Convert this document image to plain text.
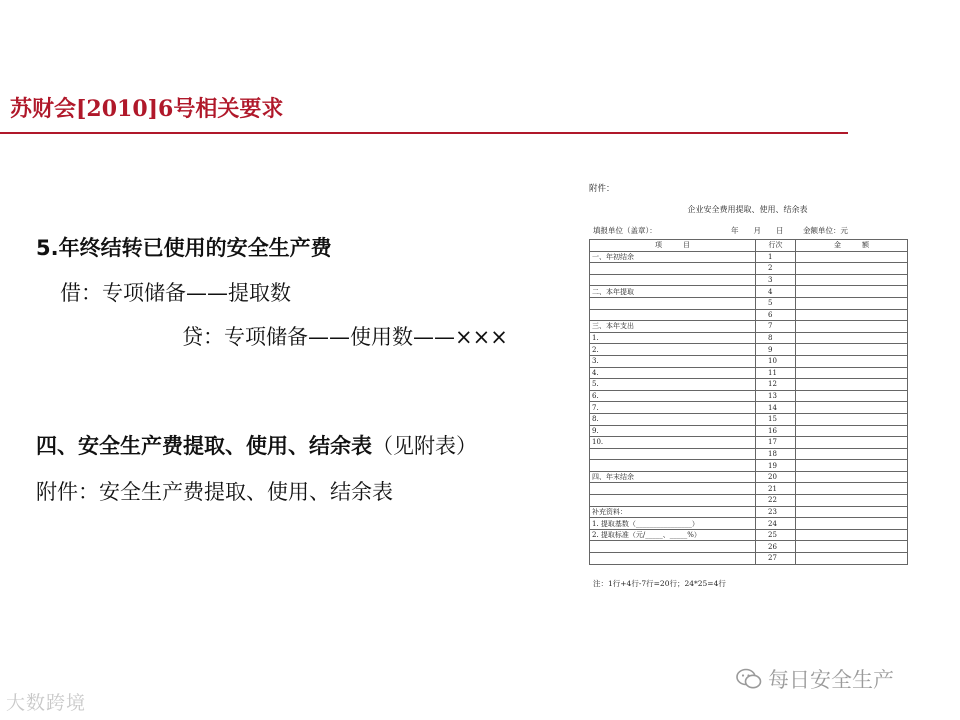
苏财会[2010]6号相关要求
5.年终结转已使用的安全生产费
借：专项储备——提取数
贷：专项储备——使用数——×××
四、安全生产费提取、使用、结余表（见附表）
附件：安全生产费提取、使用、结余表
附件：
企业安全费用提取、使用、结余表
填报单位（盖章）：	年　　月　　日	金额单位：元
项　　　目	行次	金　　　额
一、年初结余	1	
	2	
	3	
二、本年提取	4	
	5	
	6	
三、本年支出	7	
1.	8	
2.	9	
3.	10	
4.	11	
5.	12	
6.	13	
7.	14	
8.	15	
9.	16	
10.	17	
	18	
	19	
四、年末结余	20	
	21	
	22	
补充资料：	23	
1. 提取基数（________________）	24	
2. 提取标准（元/_____、_____%）	25	
	26	
	27	
注：1行+4行-7行=20行；24*25=4行
大数跨境
每日安全生产
